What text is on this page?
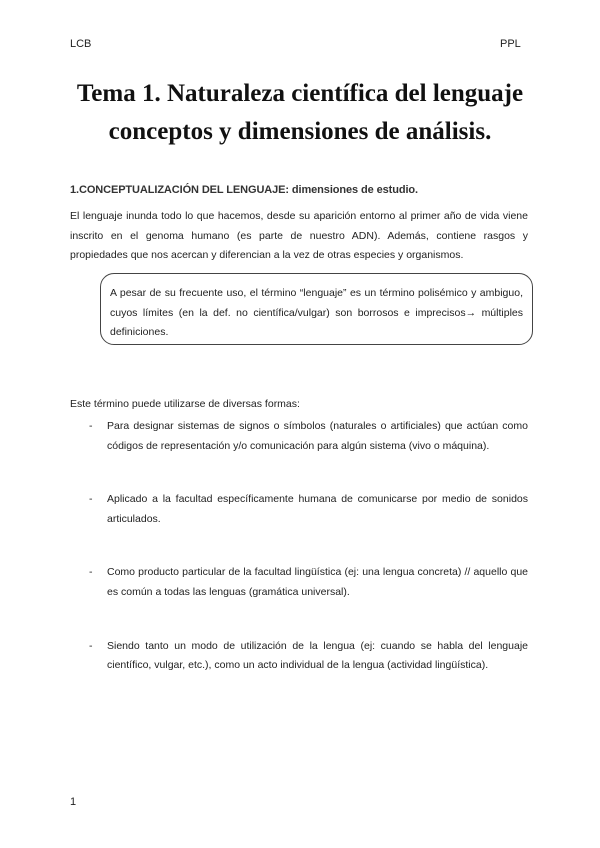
LCB	PPL
Tema 1. Naturaleza científica del lenguaje
conceptos y dimensiones de análisis.
1.CONCEPTUALIZACIÓN DEL LENGUAJE: dimensiones de estudio.

El lenguaje inunda todo lo que hacemos, desde su aparición entorno al primer año de vida viene inscrito en el genoma humano (es parte de nuestro ADN). Además, contiene rasgos y propiedades que nos acercan y diferencian a la vez de otras especies y organismos.

A pesar de su frecuente uso, el término “lenguaje” es un término polisémico y ambiguo, cuyos límites (en la def. no científica/vulgar) son borrosos e imprecisos→ múltiples definiciones.

Este término puede utilizarse de diversas formas:

- Para designar sistemas de signos o símbolos (naturales o artificiales) que actúan como códigos de representación y/o comunicación para algún sistema (vivo o máquina).

- Aplicado a la facultad específicamente humana de comunicarse por medio de sonidos articulados.

- Como producto particular de la facultad lingüística (ej: una lengua concreta) // aquello que es común a todas las lenguas (gramática universal).

- Siendo tanto un modo de utilización de la lengua (ej: cuando se habla del lenguaje científico, vulgar, etc.), como un acto individual de la lengua (actividad lingüística).

1
